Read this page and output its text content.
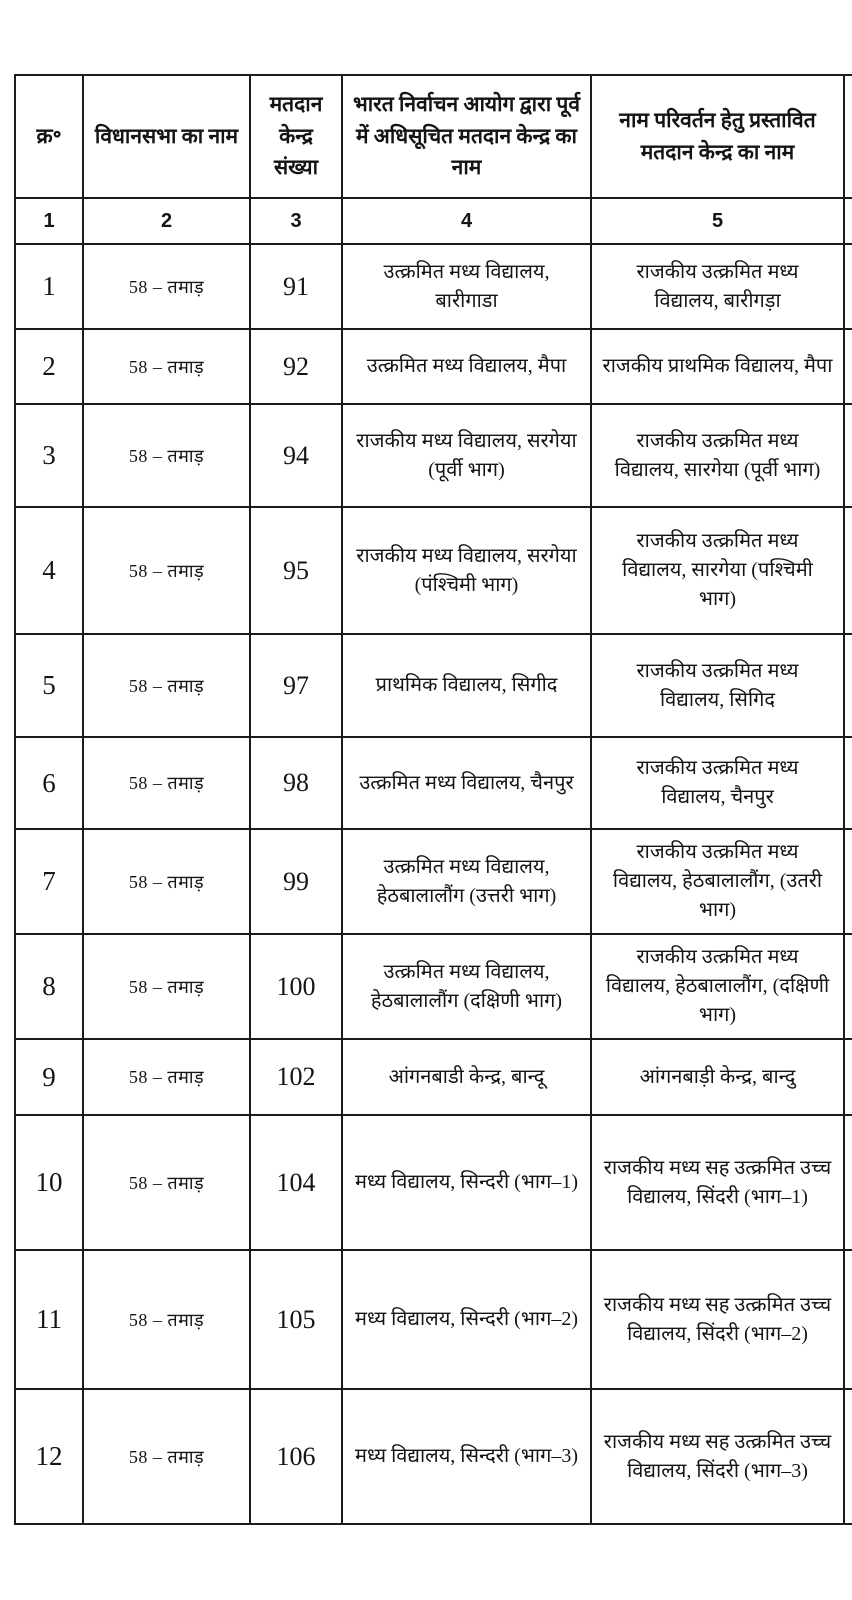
क्र॰	विधानसभा का नाम	मतदान केन्द्र संख्या	भारत निर्वाचन आयोग द्वारा पूर्व में अधिसूचित मतदान केन्द्र का नाम	नाम परिवर्तन हेतु प्रस्तावित मतदान केन्द्र का नाम	
1	2	3	4	5	
1	58 – तमाड़	91	उत्क्रमित मध्य विद्यालय, बारीगाडा	राजकीय उत्क्रमित मध्य विद्यालय, बारीगड़ा	
2	58 – तमाड़	92	उत्क्रमित मध्य विद्यालय, मैपा	राजकीय प्राथमिक विद्यालय, मैपा	
3	58 – तमाड़	94	राजकीय मध्य विद्यालय, सरगेया (पूर्वी भाग)	राजकीय उत्क्रमित मध्य विद्यालय, सारगेया (पूर्वी भाग)	
4	58 – तमाड़	95	राजकीय मध्य विद्यालय, सरगेया (पंश्चिमी भाग)	राजकीय उत्क्रमित मध्य विद्यालय, सारगेया (पश्चिमी भाग)	
5	58 – तमाड़	97	प्राथमिक विद्यालय, सिगीद	राजकीय उत्क्रमित मध्य विद्यालय, सिगिद	
6	58 – तमाड़	98	उत्क्रमित मध्य विद्यालय, चैनपुर	राजकीय उत्क्रमित मध्य विद्यालय, चैनपुर	
7	58 – तमाड़	99	उत्क्रमित मध्य विद्यालय, हेठबालालौंग (उत्तरी भाग)	राजकीय उत्क्रमित मध्य विद्यालय, हेठबालालौंग, (उतरी भाग)	
8	58 – तमाड़	100	उत्क्रमित मध्य विद्यालय, हेठबालालौंग (दक्षिणी भाग)	राजकीय उत्क्रमित मध्य विद्यालय, हेठबालालौंग, (दक्षिणी भाग)	
9	58 – तमाड़	102	आंगनबाडी केन्द्र, बान्दू	आंगनबाड़ी केन्द्र, बान्दु	
10	58 – तमाड़	104	मध्य विद्यालय, सिन्दरी (भाग–1)	राजकीय मध्य सह उत्क्रमित उच्च विद्यालय, सिंदरी (भाग–1)	
11	58 – तमाड़	105	मध्य विद्यालय, सिन्दरी (भाग–2)	राजकीय मध्य सह उत्क्रमित उच्च विद्यालय, सिंदरी (भाग–2)	
12	58 – तमाड़	106	मध्य विद्यालय, सिन्दरी (भाग–3)	राजकीय मध्य सह उत्क्रमित उच्च विद्यालय, सिंदरी (भाग–3)	
